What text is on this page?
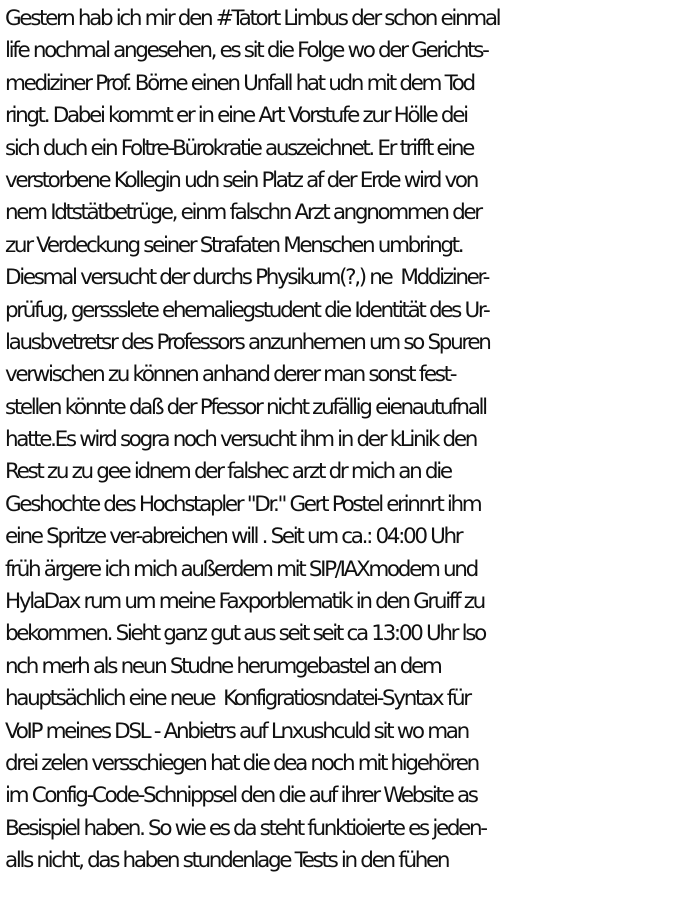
Gestern hab ich mir den #Tatort Limbus der schon einmal
life nochmal angesehen, es sit die Folge wo der Gerichts-
mediziner Prof. Börne einen Unfall hat udn mit dem Tod
ringt. Dabei kommt er in eine Art Vorstufe zur Hölle dei
sich duch ein Foltre-Bürokratie auszeichnet. Er trifft eine
verstorbene Kollegin udn sein Platz af der Erde wird von
nem Idtstätbetrüge, einm falschn Arzt angnommen der
zur Verdeckung seiner Strafaten Menschen umbringt.
Diesmal versucht der durchs Physikum(?,) ne  Mddiziner-
prüfug, gerssslete ehemaliegstudent die Identität des Ur-
lausbvetretsr des Professors anzunhemen um so Spuren
verwischen zu können anhand derer man sonst fest-
stellen könnte daß der Pfessor nicht zufällig eienautufnall
hatte.Es wird sogra noch versucht ihm in der kLinik den
Rest zu zu gee idnem der falshec arzt dr mich an die
Geshochte des Hochstapler "Dr." Gert Postel erinnrt ihm
eine Spritze ver-abreichen will . Seit um ca.: 04:00 Uhr
früh ärgere ich mich außerdem mit SIP/IAXmodem und
HylaDax rum um meine Faxporblematik in den Gruiff zu
bekommen. Sieht ganz gut aus seit seit ca 13:00 Uhr lso
nch merh als neun Studne herumgebastel an dem
hauptsächlich eine neue  Konfigratiosndatei-Syntax für
VoIP meines DSL - Anbietrs auf Lnxushculd sit wo man
drei zelen versschiegen hat die dea noch mit higehören
im Config-Code-Schnippsel den die auf ihrer Website as
Besispiel haben. So wie es da steht funktioierte es jeden-
alls nicht, das haben stundenlage Tests in den fühen
